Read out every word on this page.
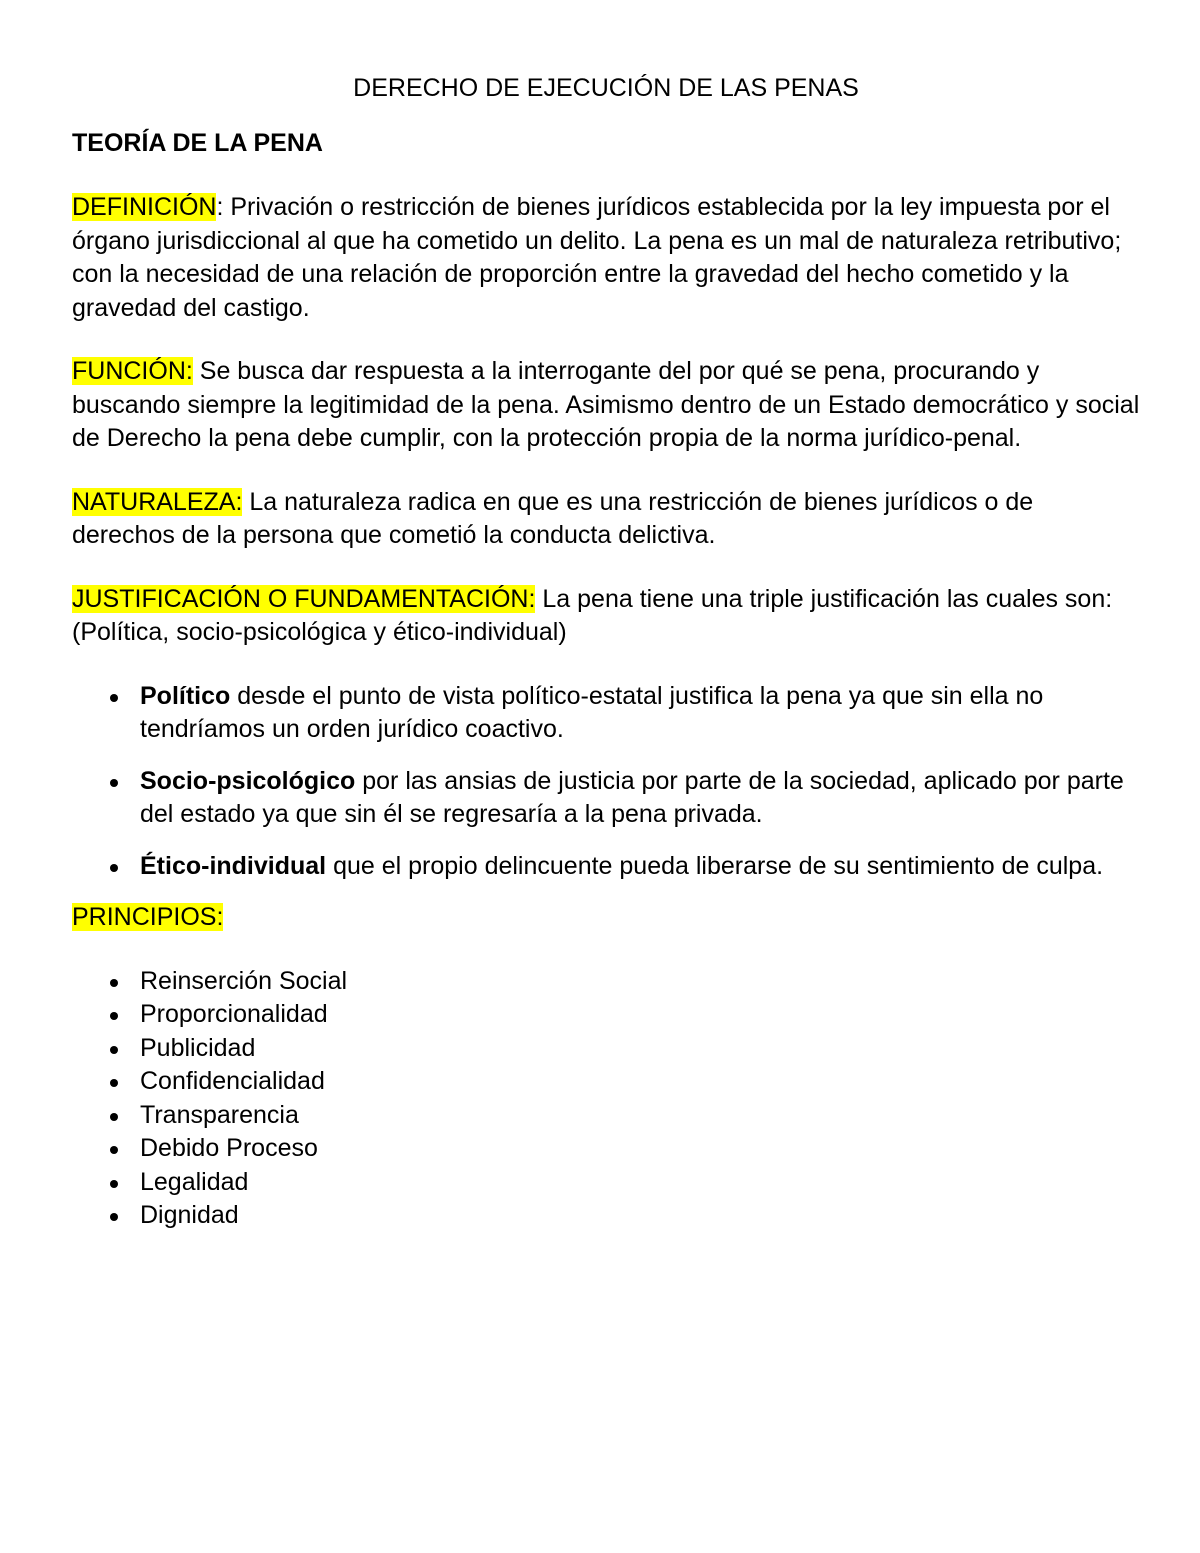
DERECHO DE EJECUCIÓN DE LAS PENAS
TEORÍA DE LA PENA

DEFINICIÓN: Privación o restricción de bienes jurídicos establecida por la ley impuesta por el órgano jurisdiccional al que ha cometido un delito. La pena es un mal de naturaleza retributivo; con la necesidad de una relación de proporción entre la gravedad del hecho cometido y la gravedad del castigo.

FUNCIÓN: Se busca dar respuesta a la interrogante del por qué se pena, procurando y buscando siempre la legitimidad de la pena. Asimismo dentro de un Estado democrático y social de Derecho la pena debe cumplir, con la protección propia de la norma jurídico-penal.

NATURALEZA: La naturaleza radica en que es una restricción de bienes jurídicos o de derechos de la persona que cometió la conducta delictiva.

JUSTIFICACIÓN O FUNDAMENTACIÓN: La pena tiene una triple justificación las cuales son: (Política, socio-psicológica y ético-individual)

Político desde el punto de vista político-estatal justifica la pena ya que sin ella no tendríamos un orden jurídico coactivo.
Socio-psicológico por las ansias de justicia por parte de la sociedad, aplicado por parte del estado ya que sin él se regresaría a la pena privada.
Ético-individual que el propio delincuente pueda liberarse de su sentimiento de culpa.

PRINCIPIOS:

Reinserción Social
Proporcionalidad
Publicidad
Confidencialidad
Transparencia
Debido Proceso
Legalidad
Dignidad
